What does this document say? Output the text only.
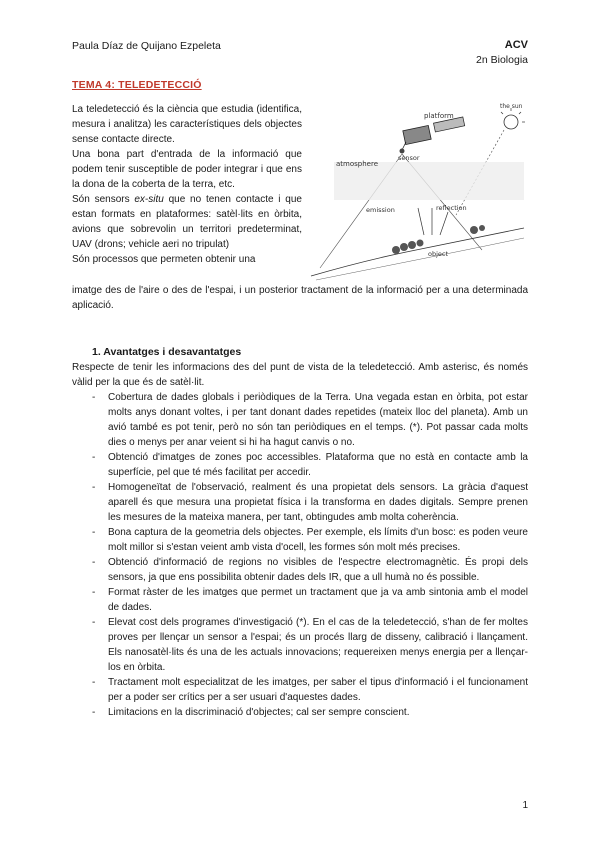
Paula Díaz de Quijano Ezpeleta	ACV
2n Biologia
TEMA 4: TELEDETECCIÓ

La teledetecció és la ciència que estudia (identifica, mesura i analitza) les característiques dels objectes sense contacte directe.

Una bona part d'entrada de la informació que podem tenir susceptible de poder integrar i que ens la dona de la coberta de la terra, etc.

Són sensors ex-situ que no tenen contacte i que estan formats en plataformes: satèl·lits en òrbita, avions que sobrevolin un territori predeterminat, UAV (drons; vehicle aeri no tripulat)

Són processos que permeten obtenir una

imatge des de l'aire o des de l'espai, i un posterior tractament de la informació per a una determinada aplicació.

the sun
platform
sensor
atmosphere
emission	reflection
object
1. Avantatges i desavantatges
Respecte de tenir les informacions des del punt de vista de la teledetecció. Amb asterisc, és només vàlid per la que és de satèl·lit.
- Cobertura de dades globals i periòdiques de la Terra. Una vegada estan en òrbita, pot estar molts anys donant voltes, i per tant donant dades repetides (mateix lloc del planeta). Amb un avió també es pot tenir, però no són tan periòdiques en el temps. (*). Pot passar cada molts dies o menys per anar veient si hi ha hagut canvis o no.
- Obtenció d'imatges de zones poc accessibles. Plataforma que no està en contacte amb la superfície, pel que té més facilitat per accedir.
- Homogeneïtat de l'observació, realment és una propietat dels sensors. La gràcia d'aquest aparell és que mesura una propietat física i la transforma en dades digitals. Sempre prenen les mesures de la mateixa manera, per tant, obtingudes amb molta coherència.
- Bona captura de la geometria dels objectes. Per exemple, els límits d'un bosc: es poden veure molt millor si s'estan veient amb vista d'ocell, les formes són molt més precises.
- Obtenció d'informació de regions no visibles de l'espectre electromagnètic. És propi dels sensors, ja que ens possibilita obtenir dades dels IR, que a ull humà no és possible.
- Format ràster de les imatges que permet un tractament que ja va amb sintonia amb el model de dades.
- Elevat cost dels programes d'investigació (*). En el cas de la teledetecció, s'han de fer moltes proves per llençar un sensor a l'espai; és un procés llarg de disseny, calibració i llançament. Els nanosatèl·lits és una de les actuals innovacions; requereixen menys energia per a llençar-los en òrbita.
- Tractament molt especialitzat de les imatges, per saber el tipus d'informació i el funcionament per a poder ser crítics per a ser usuari d'aquestes dades.
- Limitacions en la discriminació d'objectes; cal ser sempre conscient.
1
